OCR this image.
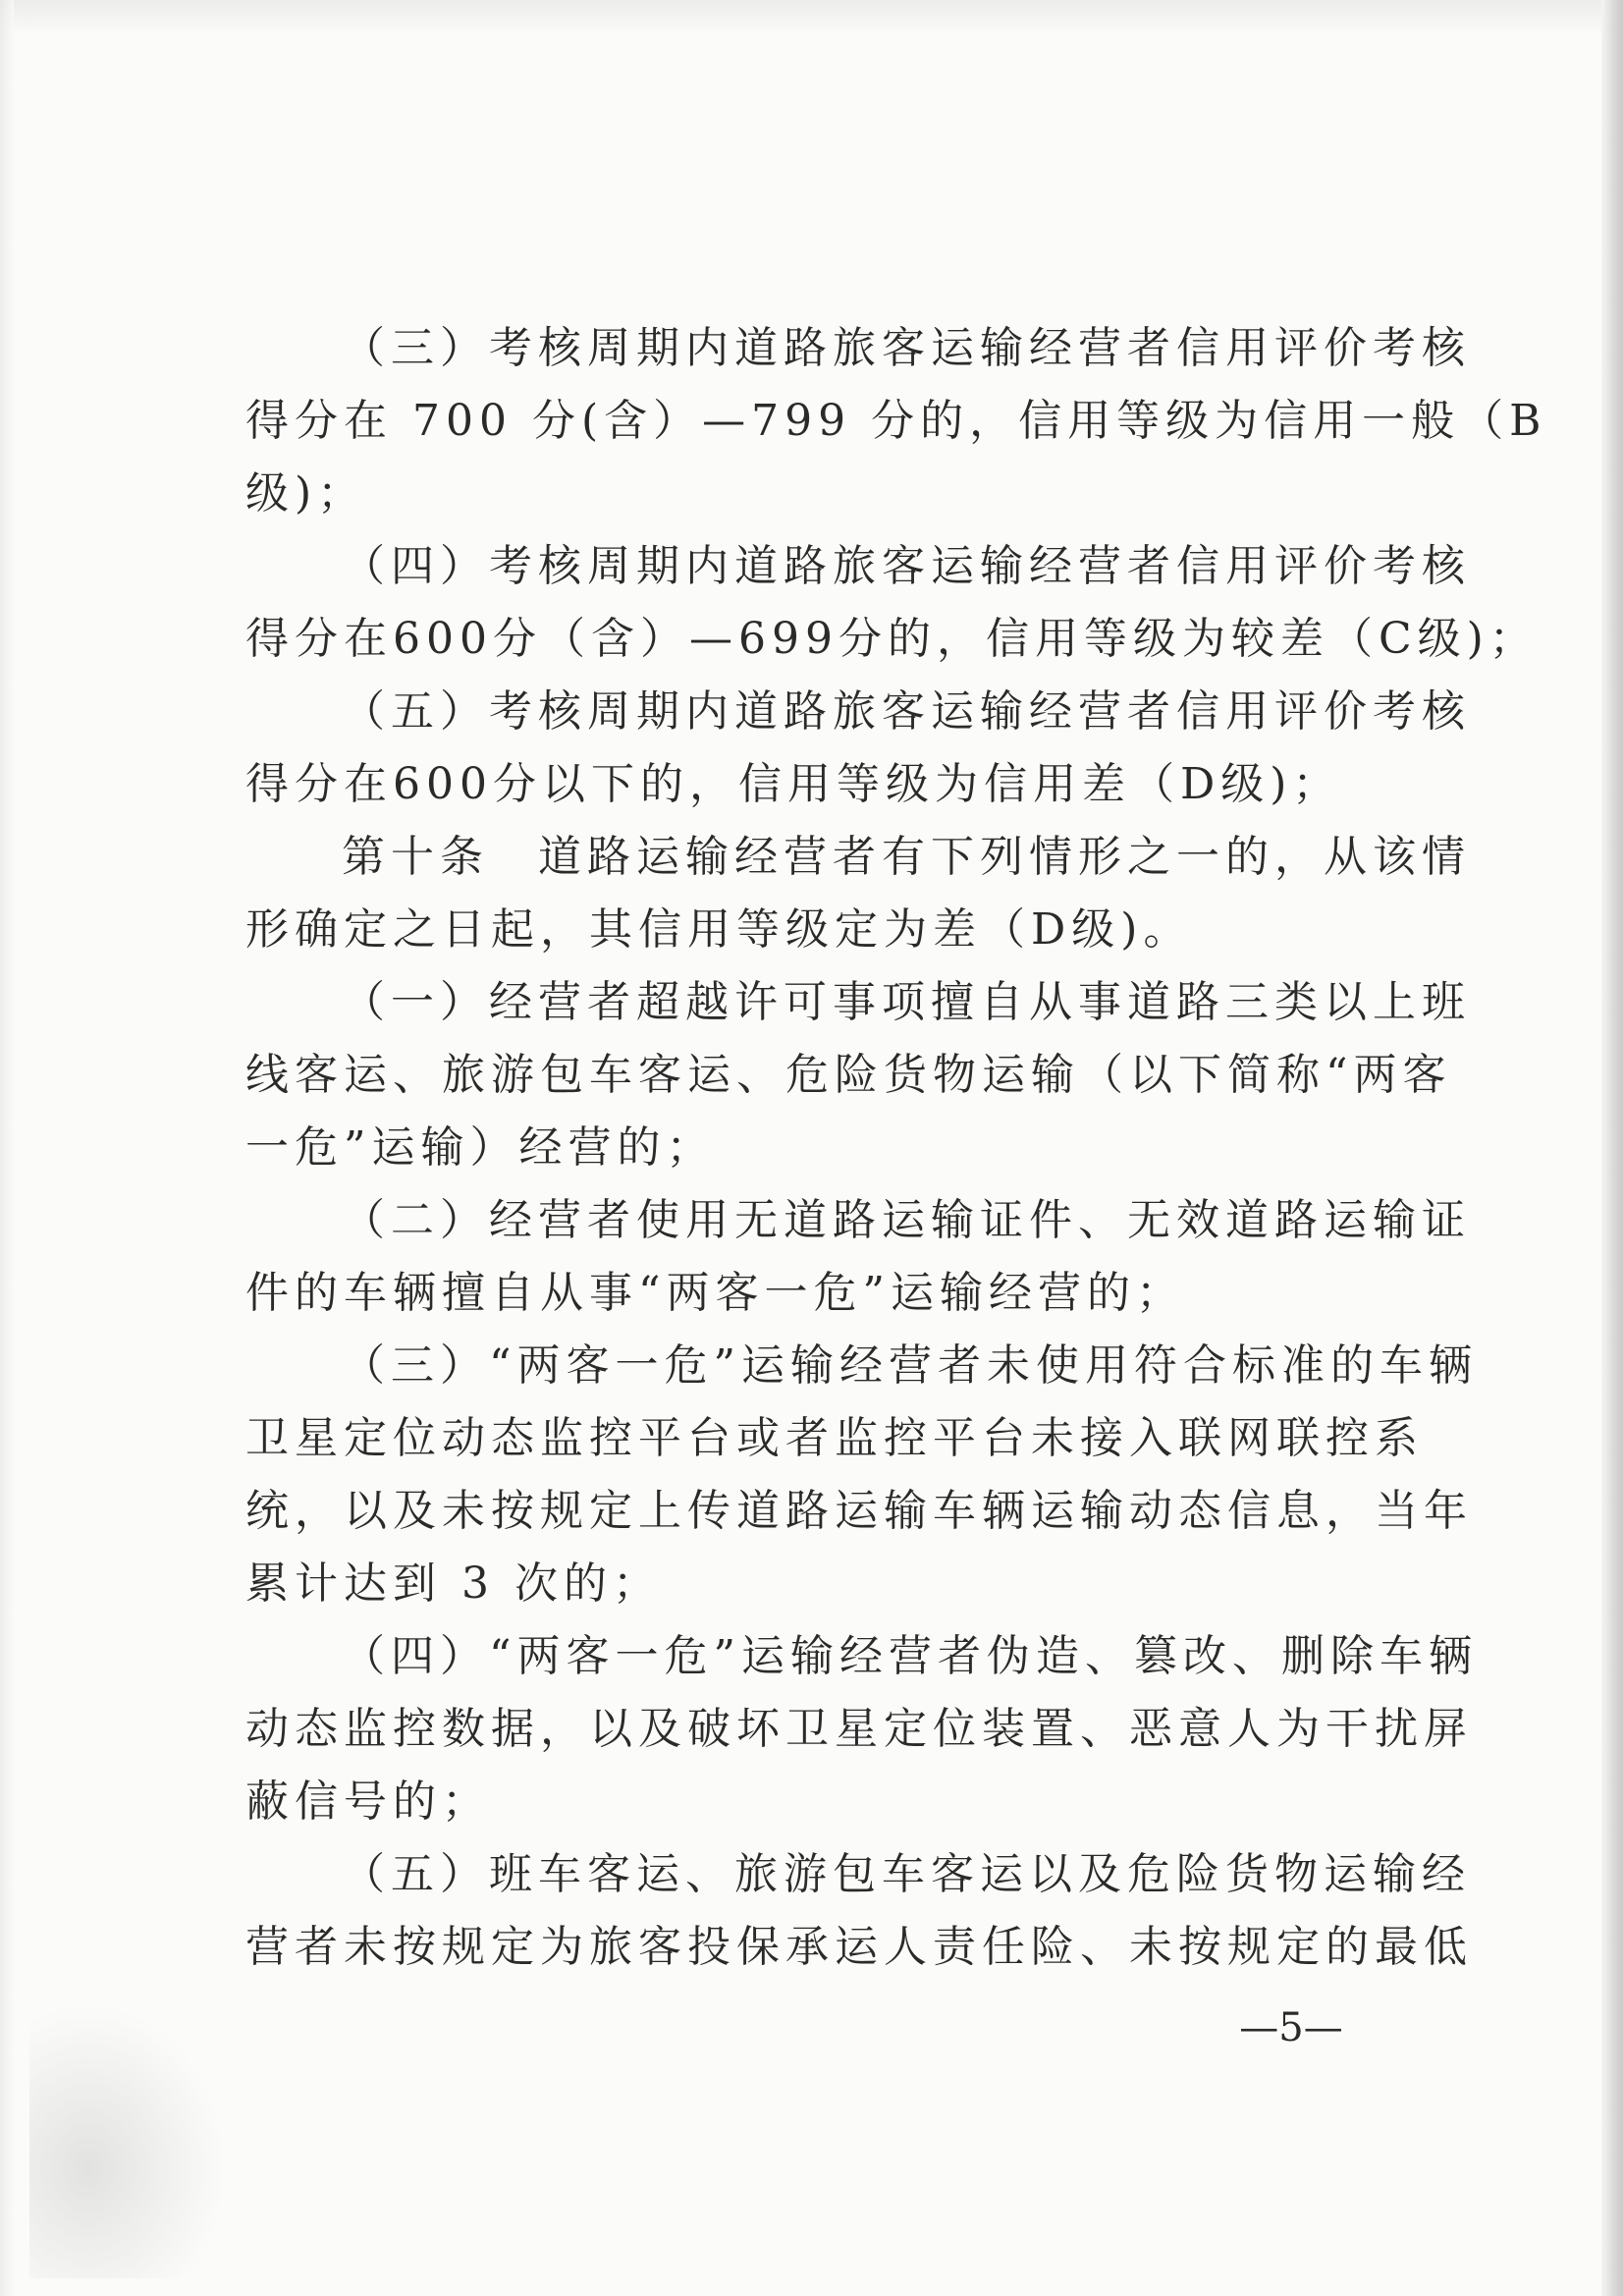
（三）考核周期内道路旅客运输经营者信用评价考核
得分在 700 分(含）—799 分的，信用等级为信用一般（B
级)；
（四）考核周期内道路旅客运输经营者信用评价考核
得分在600分（含）—699分的，信用等级为较差（C级)；
（五）考核周期内道路旅客运输经营者信用评价考核
得分在600分以下的，信用等级为信用差（D级)；
第十条　道路运输经营者有下列情形之一的，从该情
形确定之日起，其信用等级定为差（D级)。
（一）经营者超越许可事项擅自从事道路三类以上班
线客运、旅游包车客运、危险货物运输（以下简称“两客
一危”运输）经营的；
（二）经营者使用无道路运输证件、无效道路运输证
件的车辆擅自从事“两客一危”运输经营的；
（三）“两客一危”运输经营者未使用符合标准的车辆
卫星定位动态监控平台或者监控平台未接入联网联控系
统，以及未按规定上传道路运输车辆运输动态信息，当年
累计达到 3 次的；
（四）“两客一危”运输经营者伪造、篡改、删除车辆
动态监控数据，以及破坏卫星定位装置、恶意人为干扰屏
蔽信号的；
（五）班车客运、旅游包车客运以及危险货物运输经
营者未按规定为旅客投保承运人责任险、未按规定的最低
—5—
